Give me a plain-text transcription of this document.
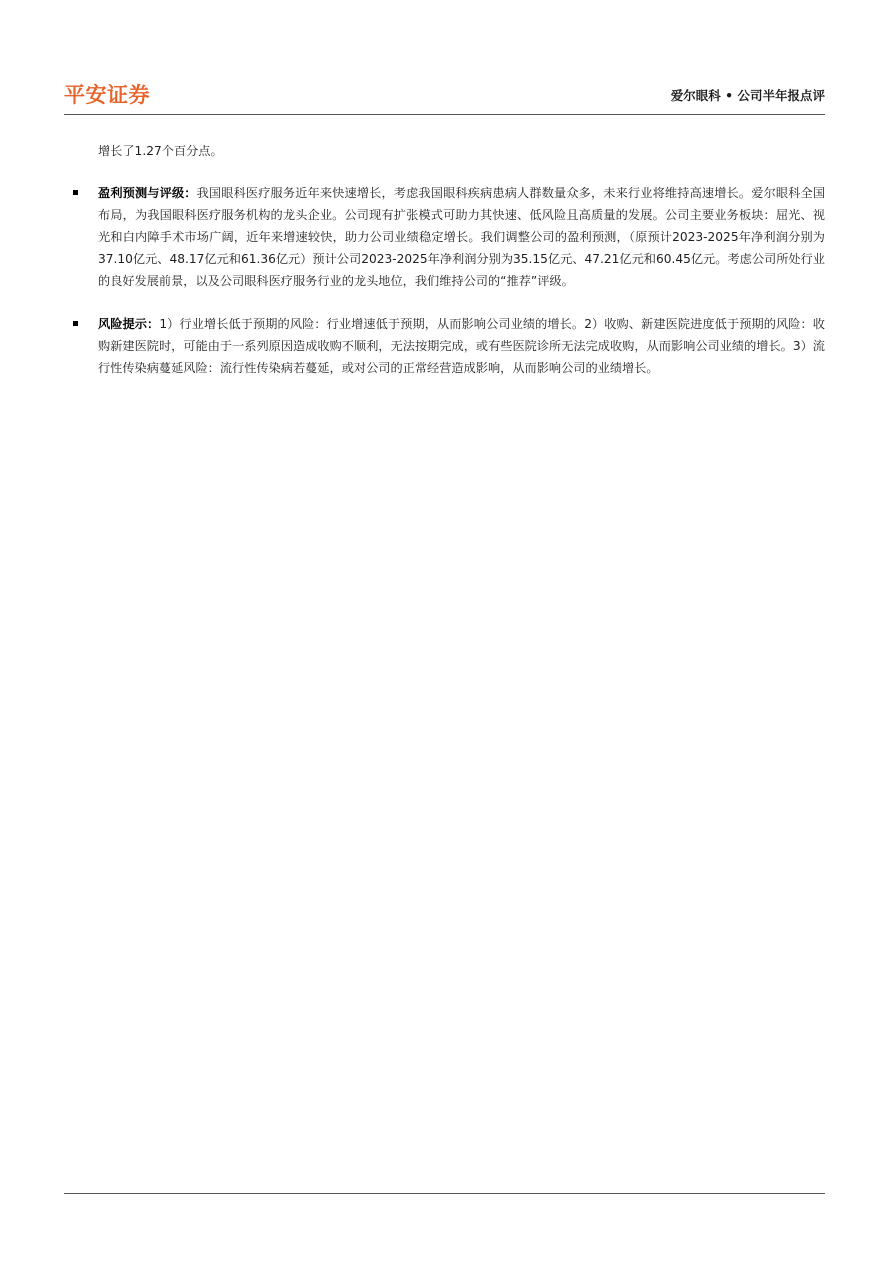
平安证券	爱尔眼科 • 公司半年报点评

增长了1.27个百分点。

盈利预测与评级：我国眼科医疗服务近年来快速增长，考虑我国眼科疾病患病人群数量众多，未来行业将维持高速增长。爱尔眼科全国布局，为我国眼科医疗服务机构的龙头企业。公司现有扩张模式可助力其快速、低风险且高质量的发展。公司主要业务板块：屈光、视光和白内障手术市场广阔，近年来增速较快，助力公司业绩稳定增长。我们调整公司的盈利预测，（原预计2023-2025年净利润分别为37.10亿元、48.17亿元和61.36亿元）预计公司2023-2025年净利润分别为35.15亿元、47.21亿元和60.45亿元。考虑公司所处行业的良好发展前景，以及公司眼科医疗服务行业的龙头地位，我们维持公司的“推荐”评级。

风险提示：1）行业增长低于预期的风险：行业增速低于预期，从而影响公司业绩的增长。2）收购、新建医院进度低于预期的风险：收购新建医院时，可能由于一系列原因造成收购不顺利，无法按期完成，或有些医院诊所无法完成收购，从而影响公司业绩的增长。3）流行性传染病蔓延风险：流行性传染病若蔓延，或对公司的正常经营造成影响，从而影响公司的业绩增长。
